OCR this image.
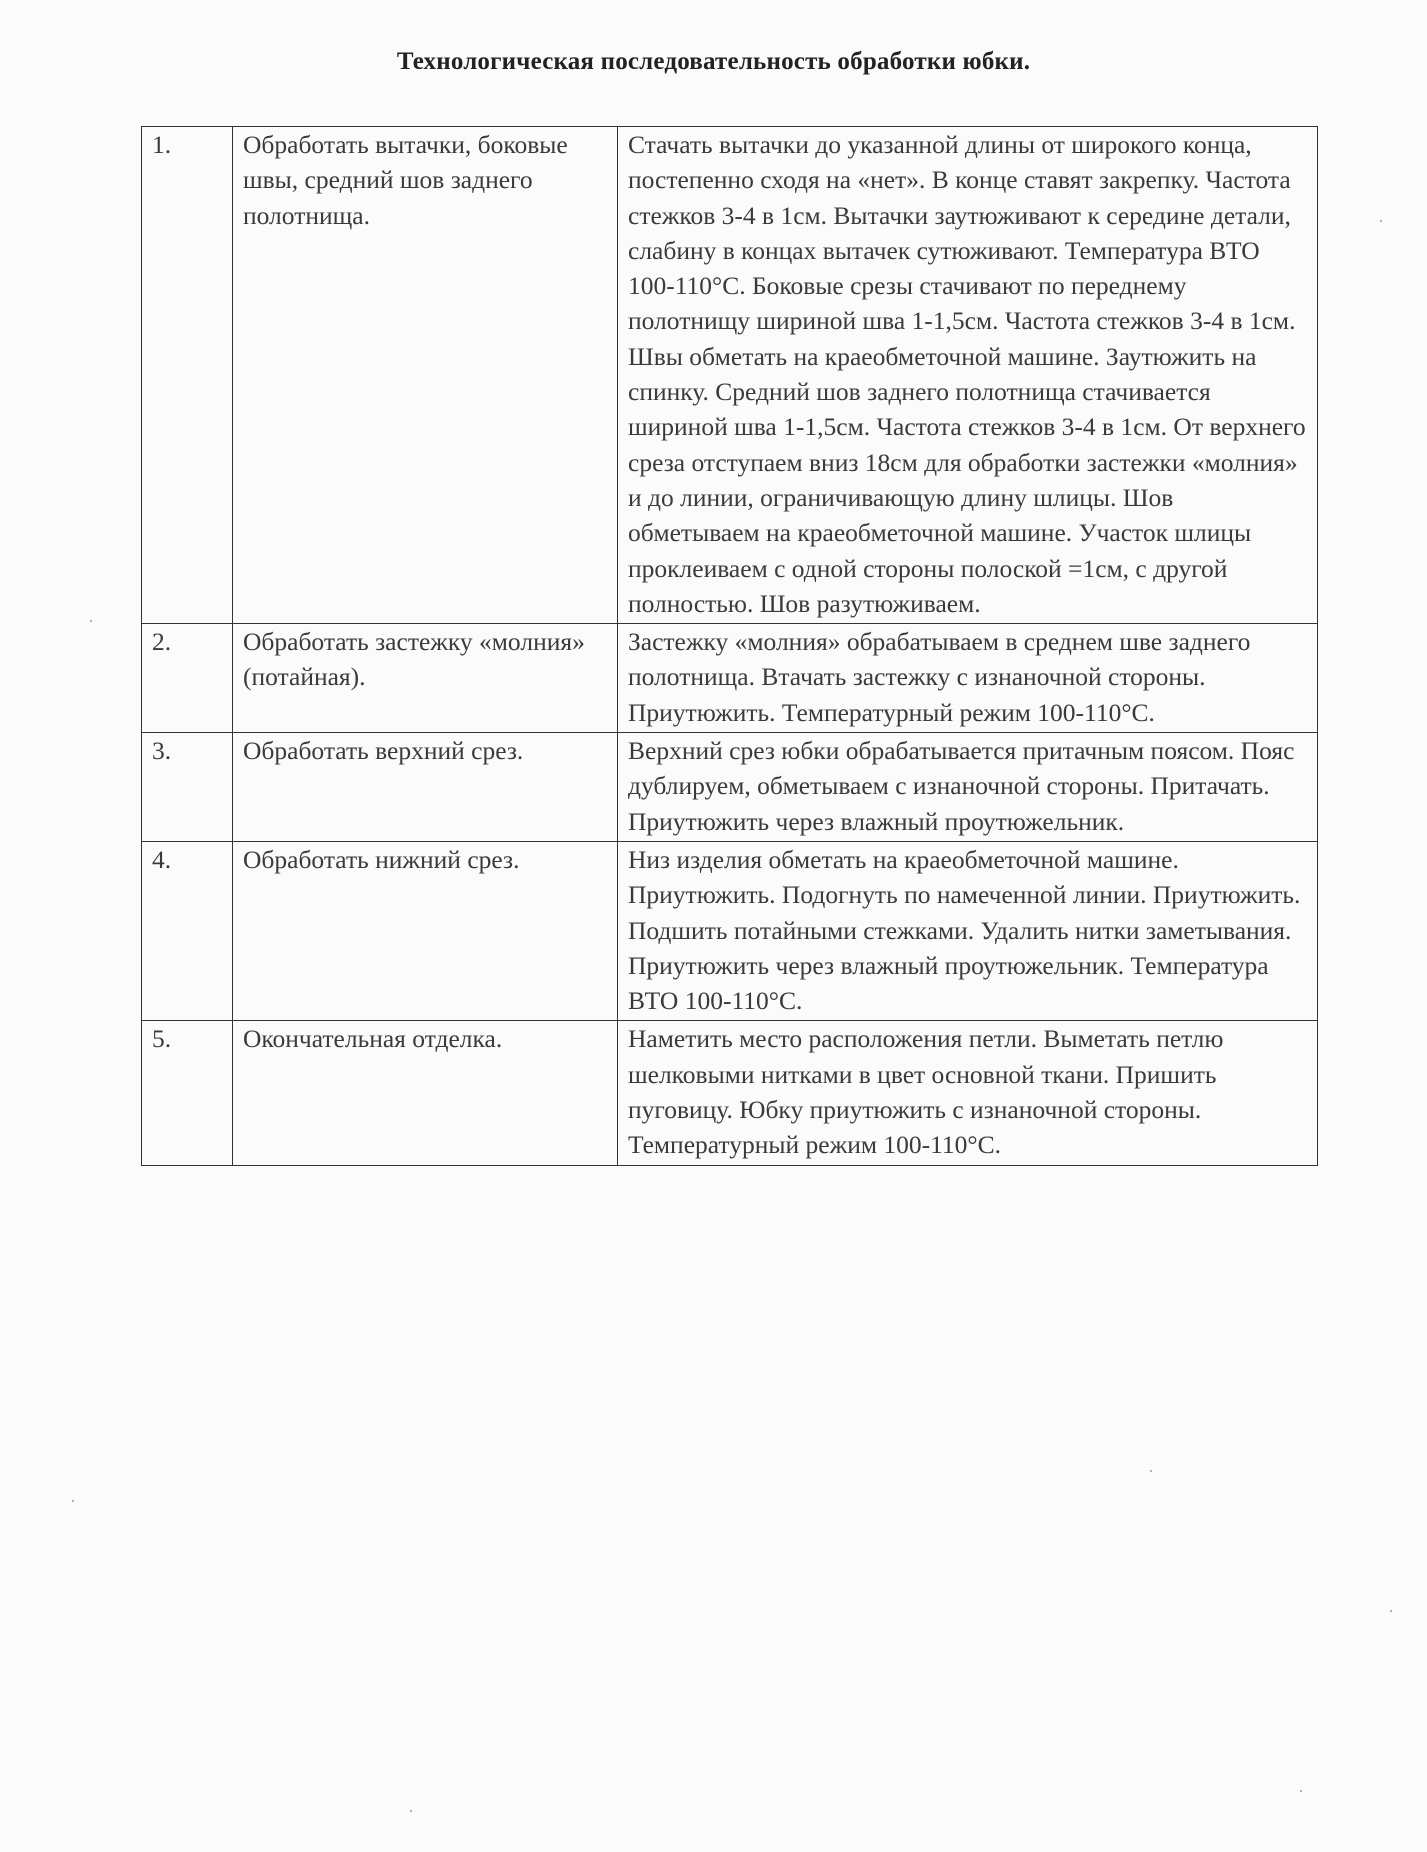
Технологическая последовательность обработки юбки.
1.	Обработать вытачки, боковые швы, средний шов заднего полотнища.	Стачать вытачки до указанной длины от широкого конца, постепенно сходя на «нет». В конце ставят закрепку. Частота стежков 3-4 в 1см. Вытачки заутюживают к середине детали, слабину в концах вытачек сутюживают. Температура ВТО 100-110°С. Боковые срезы стачивают по переднему полотнищу шириной шва 1-1,5см. Частота стежков 3-4 в 1см. Швы обметать на краеобметочной машине. Заутюжить на спинку. Средний шов заднего полотнища стачивается шириной шва 1-1,5см. Частота стежков 3-4 в 1см. От верхнего среза отступаем вниз 18см для обработки застежки «молния» и до линии, ограничивающую длину шлицы. Шов обметываем на краеобметочной машине. Участок шлицы проклеиваем с одной стороны полоской =1см, с другой полностью. Шов разутюживаем.
2.	Обработать застежку «молния» (потайная).	Застежку «молния» обрабатываем в среднем шве заднего полотнища. Втачать застежку с изнаночной стороны. Приутюжить. Температурный режим 100-110°С.
3.	Обработать верхний срез.	Верхний срез юбки обрабатывается притачным поясом. Пояс дублируем, обметываем с изнаночной стороны. Притачать. Приутюжить через влажный проутюжельник.
4.	Обработать нижний срез.	Низ изделия обметать на краеобметочной машине. Приутюжить. Подогнуть по намеченной линии. Приутюжить. Подшить потайными стежками. Удалить нитки заметывания. Приутюжить через влажный проутюжельник. Температура ВТО 100-110°С.
5.	Окончательная отделка.	Наметить место расположения петли. Выметать петлю шелковыми нитками в цвет основной ткани. Пришить пуговицу. Юбку приутюжить с изнаночной стороны. Температурный режим 100-110°С.
